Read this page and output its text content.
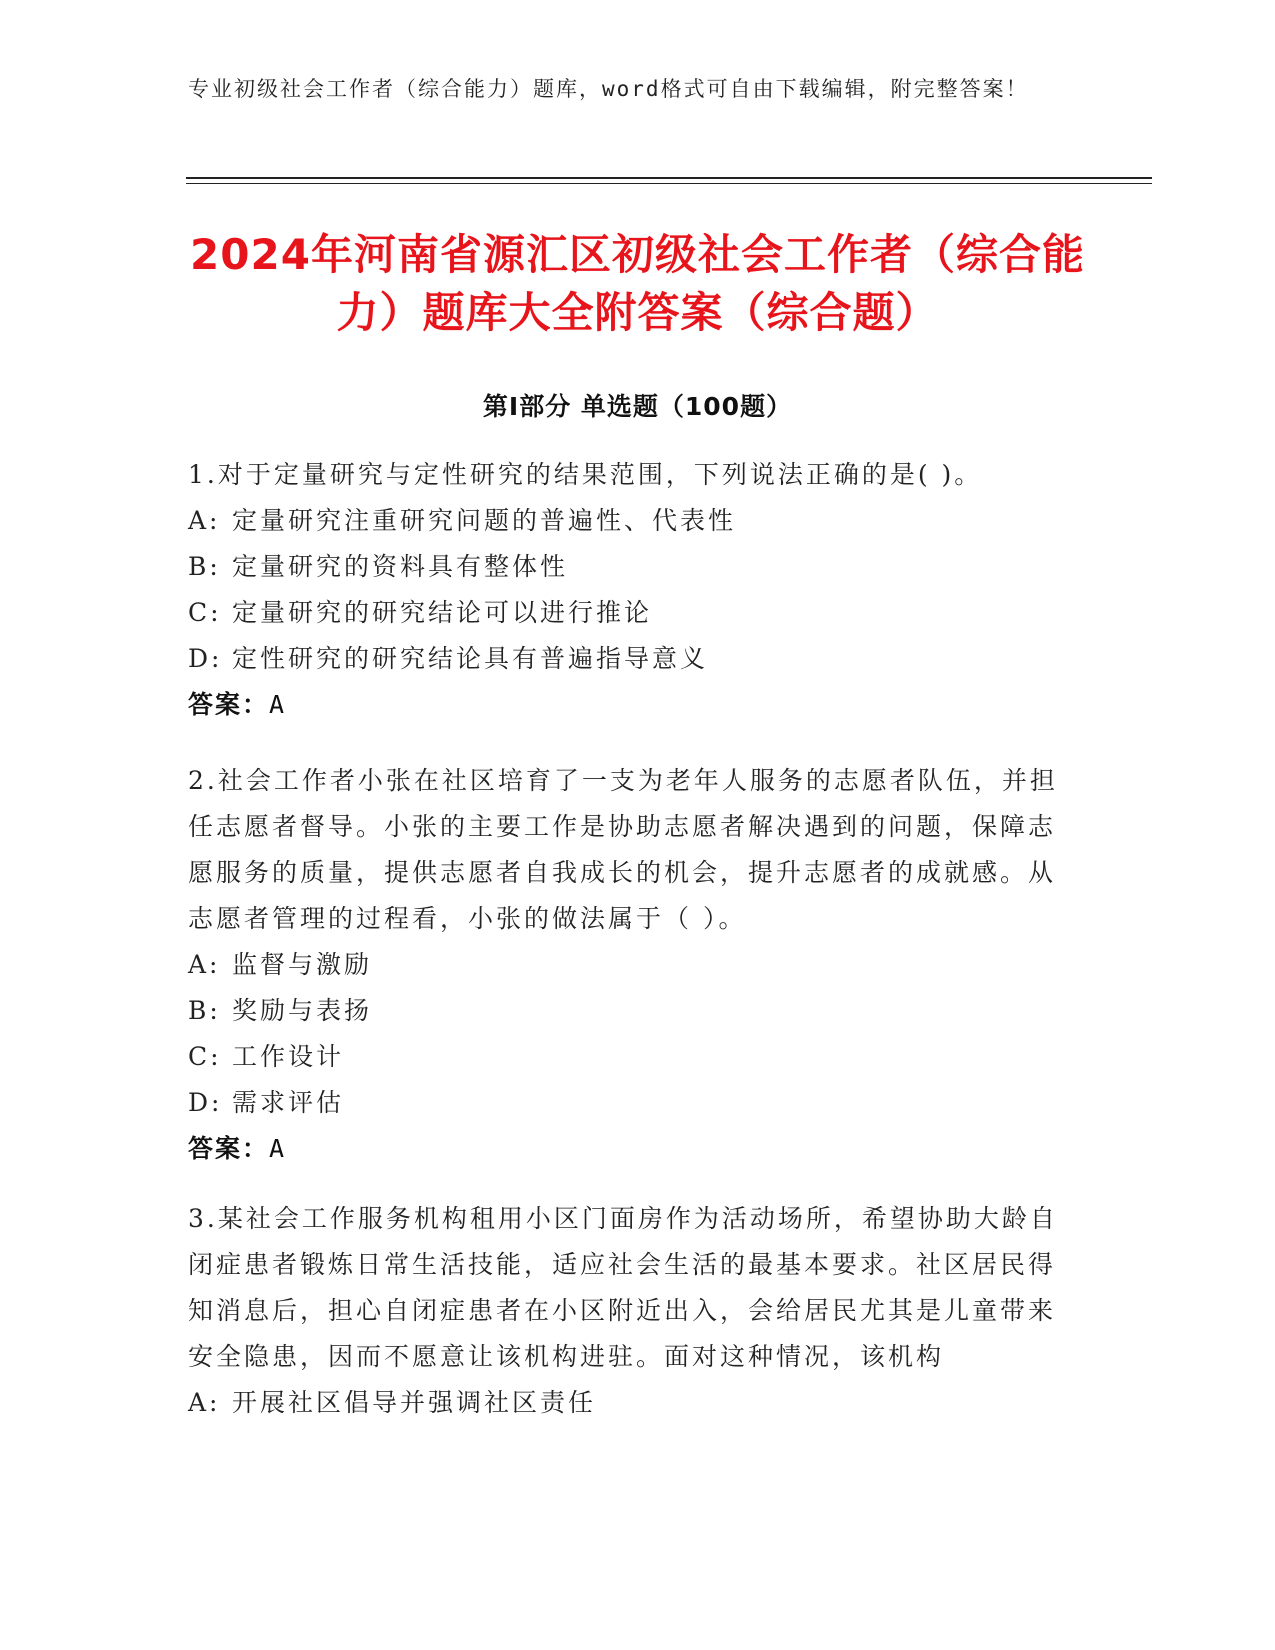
专业初级社会工作者（综合能力）题库，word格式可自由下载编辑，附完整答案！
2024年河南省源汇区初级社会工作者（综合能力）题库大全附答案（综合题）
第I部分 单选题（100题）

1.对于定量研究与定性研究的结果范围，下列说法正确的是( )。

A: 定量研究注重研究问题的普遍性、代表性

B: 定量研究的资料具有整体性

C: 定量研究的研究结论可以进行推论

D: 定性研究的研究结论具有普遍指导意义

答案：A

2.社会工作者小张在社区培育了一支为老年人服务的志愿者队伍，并担任志愿者督导。小张的主要工作是协助志愿者解决遇到的问题，保障志愿服务的质量，提供志愿者自我成长的机会，提升志愿者的成就感。从志愿者管理的过程看，小张的做法属于（ ）。

A: 监督与激励

B: 奖励与表扬

C: 工作设计

D: 需求评估

答案：A

3.某社会工作服务机构租用小区门面房作为活动场所，希望协助大龄自闭症患者锻炼日常生活技能，适应社会生活的最基本要求。社区居民得知消息后，担心自闭症患者在小区附近出入，会给居民尤其是儿童带来安全隐患，因而不愿意让该机构进驻。面对这种情况，该机构

A: 开展社区倡导并强调社区责任
